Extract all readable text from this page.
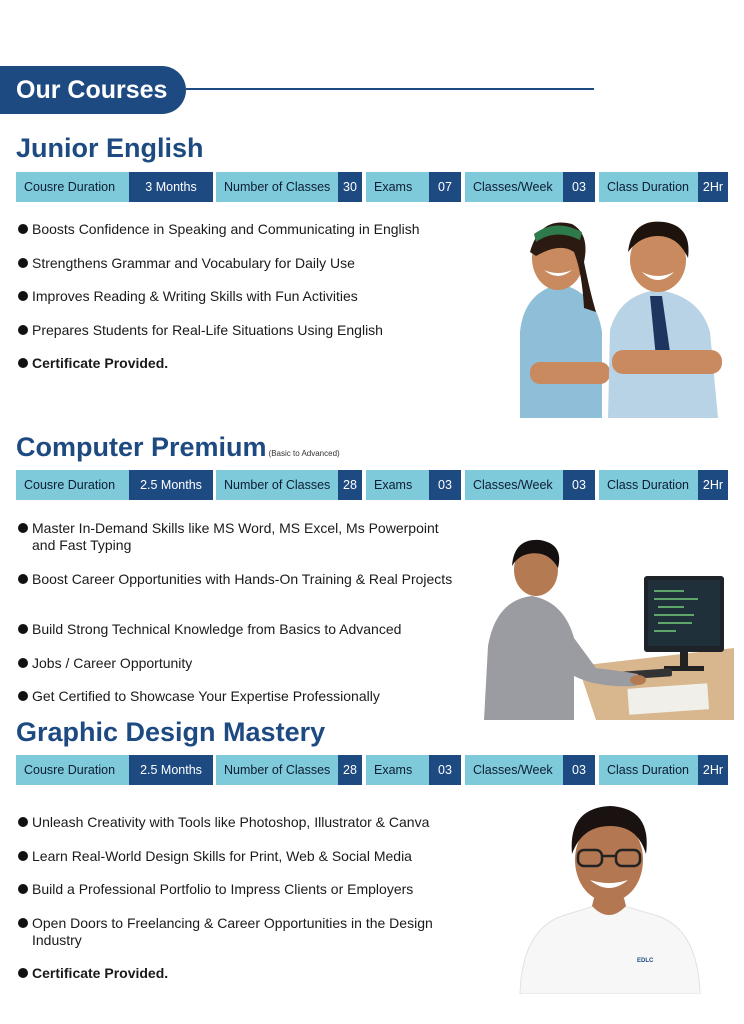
Our Courses
Junior English
Cousre Duration	3 Months	Number of Classes	30	Exams	07	Classes/Week	03	Class Duration	2Hr
Boosts Confidence in Speaking and Communicating in English
Strengthens Grammar and Vocabulary for Daily Use
Improves Reading & Writing Skills with Fun Activities
Prepares Students for Real-Life Situations Using English
Certificate Provided.
Computer Premium (Basic to Advanced)
Cousre Duration	2.5 Months	Number of Classes	28	Exams	03	Classes/Week	03	Class Duration	2Hr
Master In-Demand Skills like MS Word, MS Excel, Ms Powerpoint and Fast Typing
Boost Career Opportunities with Hands-On Training & Real Projects
Build Strong Technical Knowledge from Basics to Advanced
Jobs / Career Opportunity
Get Certified to Showcase Your Expertise Professionally
Graphic Design Mastery
Cousre Duration	2.5 Months	Number of Classes	28	Exams	03	Classes/Week	03	Class Duration	2Hr
Unleash Creativity with Tools like Photoshop, Illustrator & Canva
Learn Real-World Design Skills for Print, Web & Social Media
Build a Professional Portfolio to Impress Clients or Employers
Open Doors to Freelancing & Career Opportunities in the Design Industry
Certificate Provided.
EDLC
